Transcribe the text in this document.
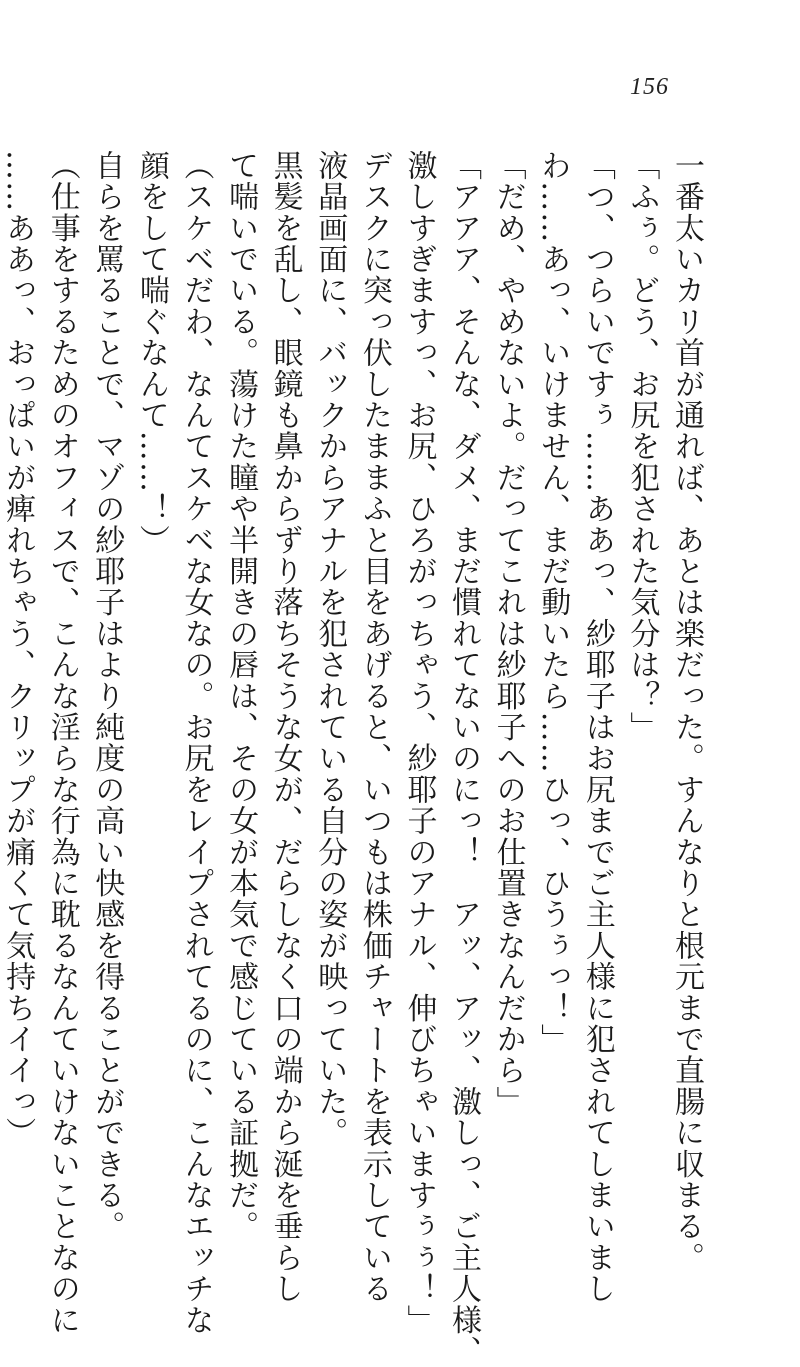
156
一番太いカリ首が通れば、あとは楽だった。すんなりと根元まで直腸に収まる。
「ふぅ。どう、お尻を犯された気分は？」
「つ、つらいですぅ……ああっ、紗耶子はお尻までご主人様に犯されてしまいまし
わ……あっ、いけません、まだ動いたら……ひっ、ひうぅっ！」
「だめ、やめないよ。だってこれは紗耶子へのお仕置きなんだから」
「アアア、そんな、ダメ、まだ慣れてないのにっ！　アッ、アッ、激しっ、ご主人様、
激しすぎますっ、お尻、ひろがっちゃう、紗耶子のアナル、伸びちゃいますぅぅ！」
デスクに突っ伏したままふと目をあげると、いつもは株価チャートを表示している
液晶画面に、バックからアナルを犯されている自分の姿が映っていた。
黒髪を乱し、眼鏡も鼻からずり落ちそうな女が、だらしなく口の端から涎を垂らし
て喘いでいる。蕩けた瞳や半開きの唇は、その女が本気で感じている証拠だ。
（スケベだわ、なんてスケベな女なの。お尻をレイプされてるのに、こんなエッチな
顔をして喘ぐなんて……！）
自らを罵ることで、マゾの紗耶子はより純度の高い快感を得ることができる。
（仕事をするためのオフィスで、こんな淫らな行為に耽るなんていけないことなのに
……ああっ、おっぱいが痺れちゃう、クリップが痛くて気持ちイイっ）
